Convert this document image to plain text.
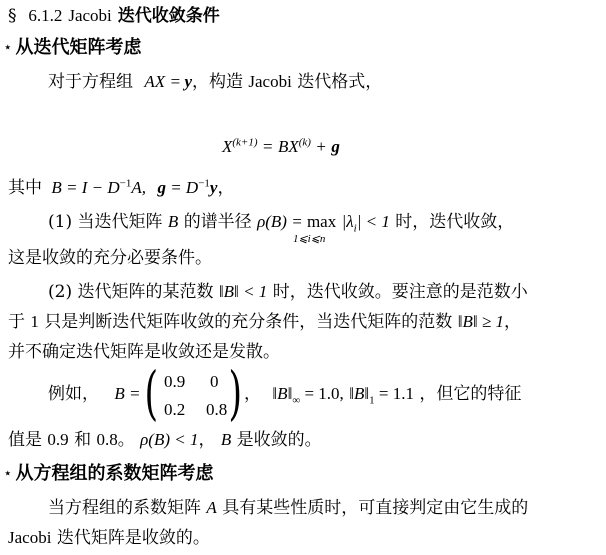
§ 6.1.2 Jacobi 迭代收敛条件
⋆ 从迭代矩阵考虑
对于方程组 AX = y，构造 Jacobi 迭代格式，
$X^{(k+1)} = BX^{(k)} + g$
其中 $B = I - D^{-1}A$, $g = D^{-1}y$，
(1) 当迭代矩阵 B 的谱半径 ρ(B) = max
1⩽i⩽n
$|\lambda_i| < 1$ 时，迭代收敛，
这是收敛的充分必要条件。
(2) 迭代矩阵的某范数 ‖B‖ < 1 时，迭代收敛。要注意的是范数小
于 1 只是判断迭代矩阵收敛的充分条件，当迭代矩阵的范数 ‖B‖ ≥ 1，
并不确定迭代矩阵是收敛还是发散。
例如， B = ( 0.9 0
0.2 0.8 ) ， $‖B‖_\infty = 1.0$, $‖B‖_1 = 1.1$ ，但它的特征
值是 0.9 和 0.8。 ρ(B) < 1， B 是收敛的。
⋆ 从方程组的系数矩阵考虑
当方程组的系数矩阵 A 具有某些性质时，可直接判定由它生成的
Jacobi 迭代矩阵是收敛的。
